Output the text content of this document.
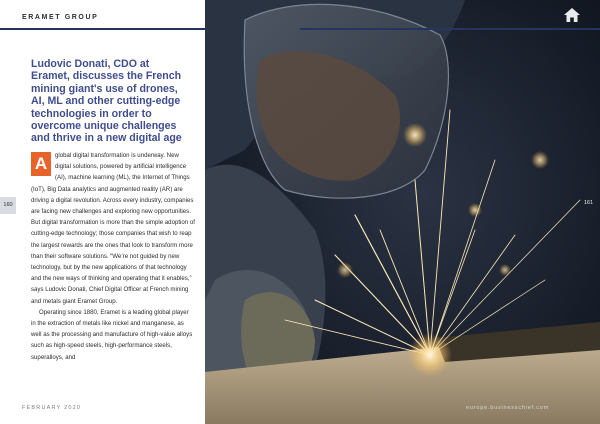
ERAMET GROUP
Ludovic Donati, CDO at Eramet, discusses the French mining giant's use of drones, AI, ML and other cutting-edge technologies in order to overcome unique challenges and thrive in a new digital age
A	global digital transformation is underway. New digital solutions, powered by artificial intelligence (AI), machine learning (ML), the Internet of Things (IoT), Big Data analytics and augmented reality (AR) are driving a digital revolution. Across every industry, companies are facing new challenges and exploring new opportunities. But digital transformation is more than the simple adoption of cutting-edge technology; those companies that wish to reap the largest rewards are the ones that look to transform more than their software solutions. “We’re not guided by new technology, but by the new applications of that technology and the new ways of thinking and operating that it enables,” says Ludovic Donati, Chief Digital Officer at French mining and metals giant Eramet Group.

Operating since 1880, Eramet is a leading global player in the extraction of metals like nickel and manganese, as well as the processing and manufacture of high-value alloys such as high-speed steels, high-performance steels, superalloys, and

160
FEBRUARY 2020	europe.businesschief.com
161
